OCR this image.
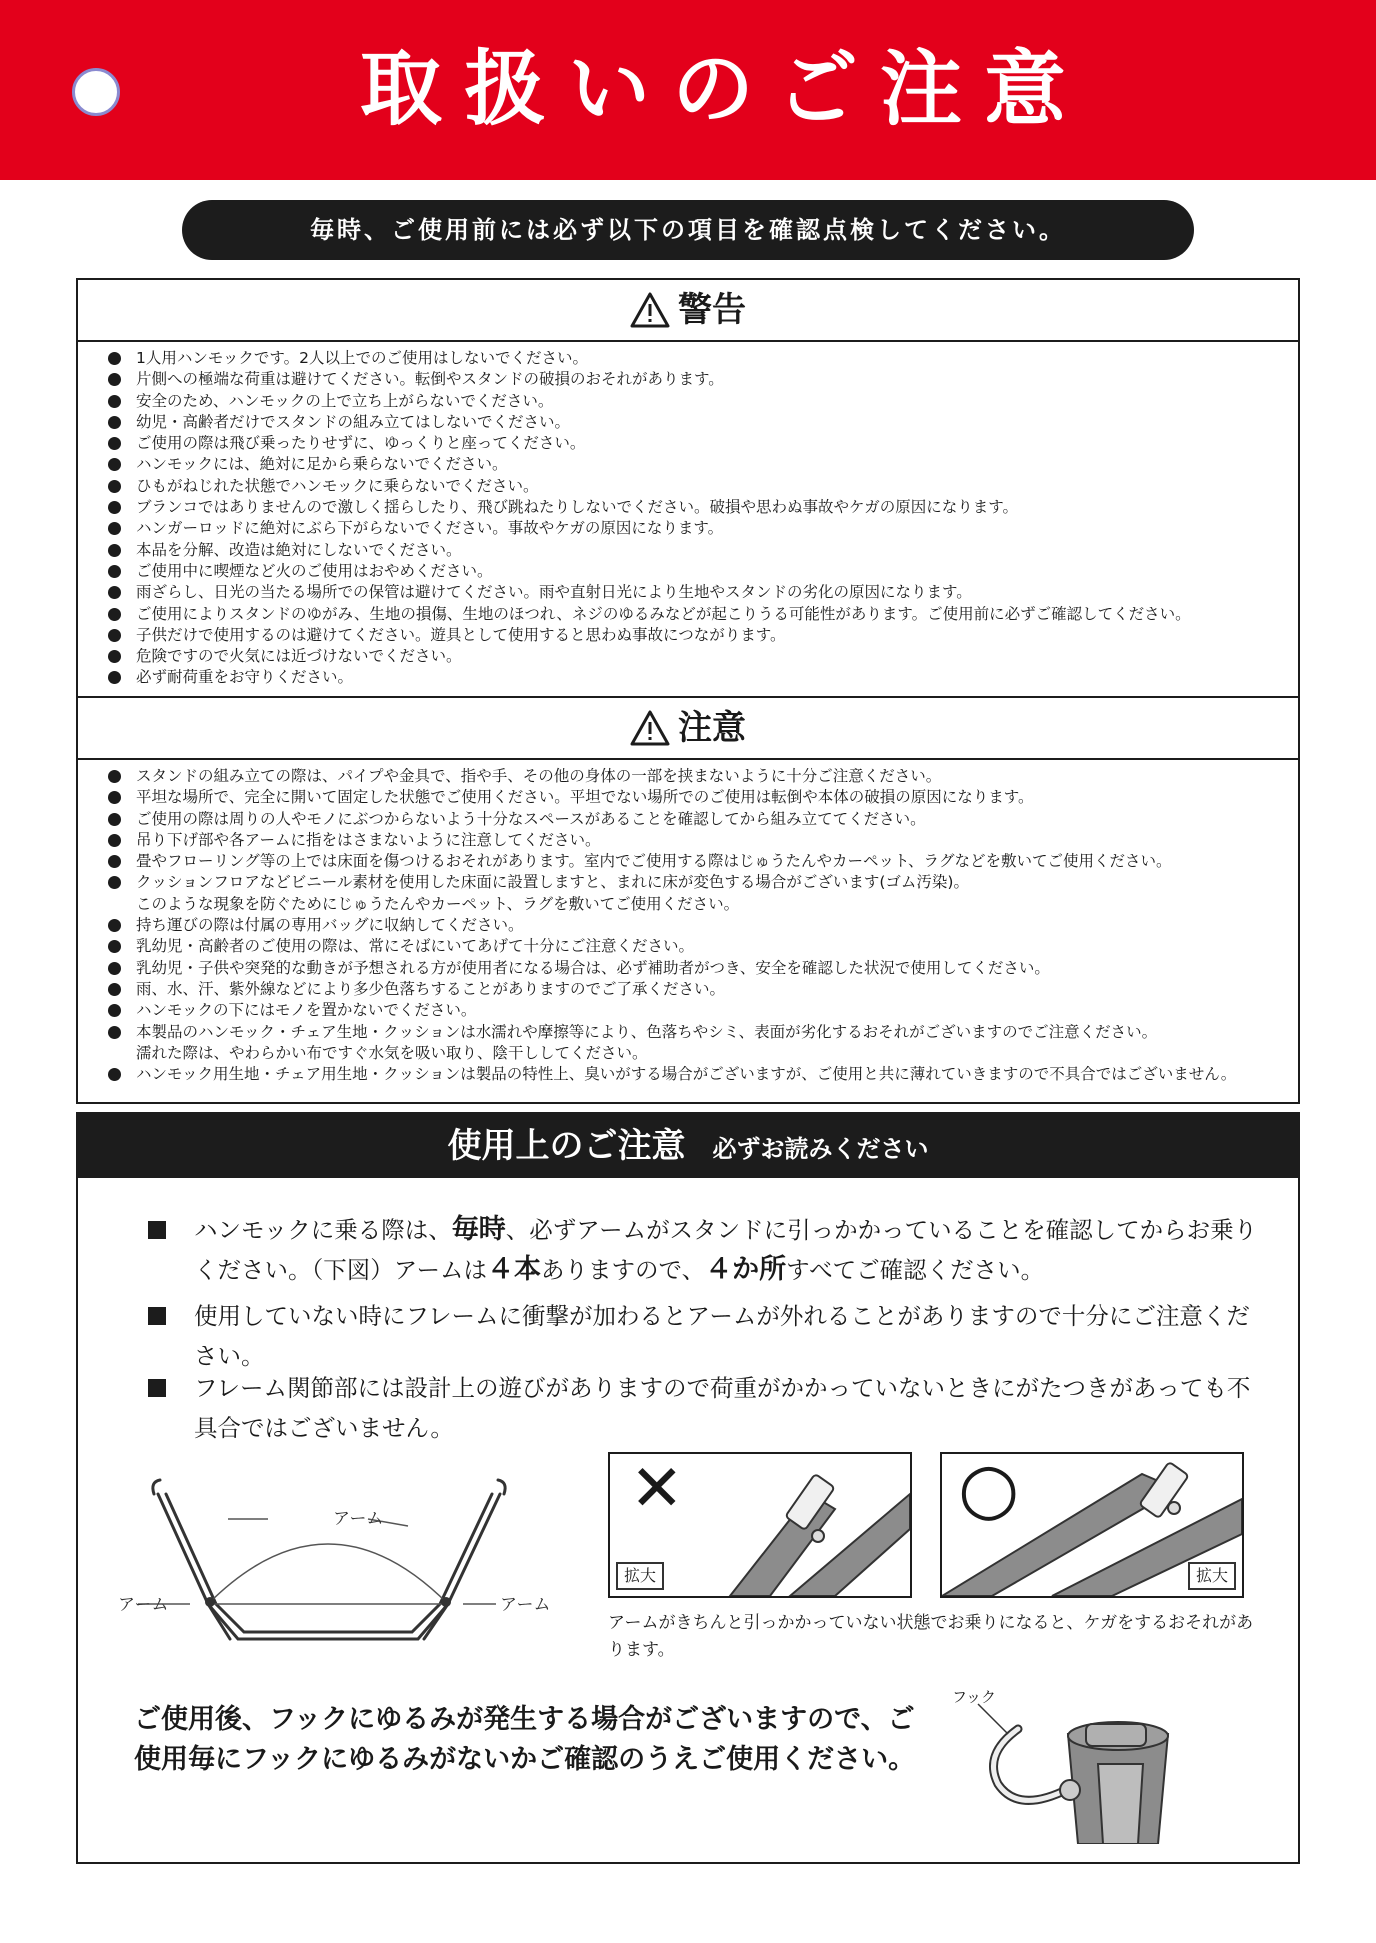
取扱いのご注意
毎時、ご使用前には必ず以下の項目を確認点検してください。
警告
1人用ハンモックです。2人以上でのご使用はしないでください。
片側への極端な荷重は避けてください。転倒やスタンドの破損のおそれがあります。
安全のため、ハンモックの上で立ち上がらないでください。
幼児・高齢者だけでスタンドの組み立てはしないでください。
ご使用の際は飛び乗ったりせずに、ゆっくりと座ってください。
ハンモックには、絶対に足から乗らないでください。
ひもがねじれた状態でハンモックに乗らないでください。
ブランコではありませんので激しく揺らしたり、飛び跳ねたりしないでください。破損や思わぬ事故やケガの原因になります。
ハンガーロッドに絶対にぶら下がらないでください。事故やケガの原因になります。
本品を分解、改造は絶対にしないでください。
ご使用中に喫煙など火のご使用はおやめください。
雨ざらし、日光の当たる場所での保管は避けてください。雨や直射日光により生地やスタンドの劣化の原因になります。
ご使用によりスタンドのゆがみ、生地の損傷、生地のほつれ、ネジのゆるみなどが起こりうる可能性があります。ご使用前に必ずご確認してください。
子供だけで使用するのは避けてください。遊具として使用すると思わぬ事故につながります。
危険ですので火気には近づけないでください。
必ず耐荷重をお守りください。
注意
スタンドの組み立ての際は、パイプや金具で、指や手、その他の身体の一部を挟まないように十分ご注意ください。
平坦な場所で、完全に開いて固定した状態でご使用ください。平坦でない場所でのご使用は転倒や本体の破損の原因になります。
ご使用の際は周りの人やモノにぶつからないよう十分なスペースがあることを確認してから組み立ててください。
吊り下げ部や各アームに指をはさまないように注意してください。
畳やフローリング等の上では床面を傷つけるおそれがあります。室内でご使用する際はじゅうたんやカーペット、ラグなどを敷いてご使用ください。
クッションフロアなどビニール素材を使用した床面に設置しますと、まれに床が変色する場合がございます(ゴム汚染)。
このような現象を防ぐためにじゅうたんやカーペット、ラグを敷いてご使用ください。
持ち運びの際は付属の専用バッグに収納してください。
乳幼児・高齢者のご使用の際は、常にそばにいてあげて十分にご注意ください。
乳幼児・子供や突発的な動きが予想される方が使用者になる場合は、必ず補助者がつき、安全を確認した状況で使用してください。
雨、水、汗、紫外線などにより多少色落ちすることがありますのでご了承ください。
ハンモックの下にはモノを置かないでください。
本製品のハンモック・チェア生地・クッションは水濡れや摩擦等により、色落ちやシミ、表面が劣化するおそれがございますのでご注意ください。
濡れた際は、やわらかい布ですぐ水気を吸い取り、陰干ししてください。
ハンモック用生地・チェア用生地・クッションは製品の特性上、臭いがする場合がございますが、ご使用と共に薄れていきますので不具合ではございません。
使用上のご注意 必ずお読みください
ハンモックに乗る際は、毎時、必ずアームがスタンドに引っかかっていることを確認してからお乗り
ください。（下図）アームは４本ありますので、４か所すべてご確認ください。
使用していない時にフレームに衝撃が加わるとアームが外れることがありますので十分にご注意ください。
フレーム関節部には設計上の遊びがありますので荷重がかかっていないときにがたつきがあっても不具合ではございません。
アーム
アーム	アーム
✕
拡大
○
拡大
アームがきちんと引っかかっていない状態でお乗りになると、ケガをするおそれがあります。
ご使用後、フックにゆるみが発生する場合がございますので、ご使用毎にフックにゆるみがないかご確認のうえご使用ください。
フック
